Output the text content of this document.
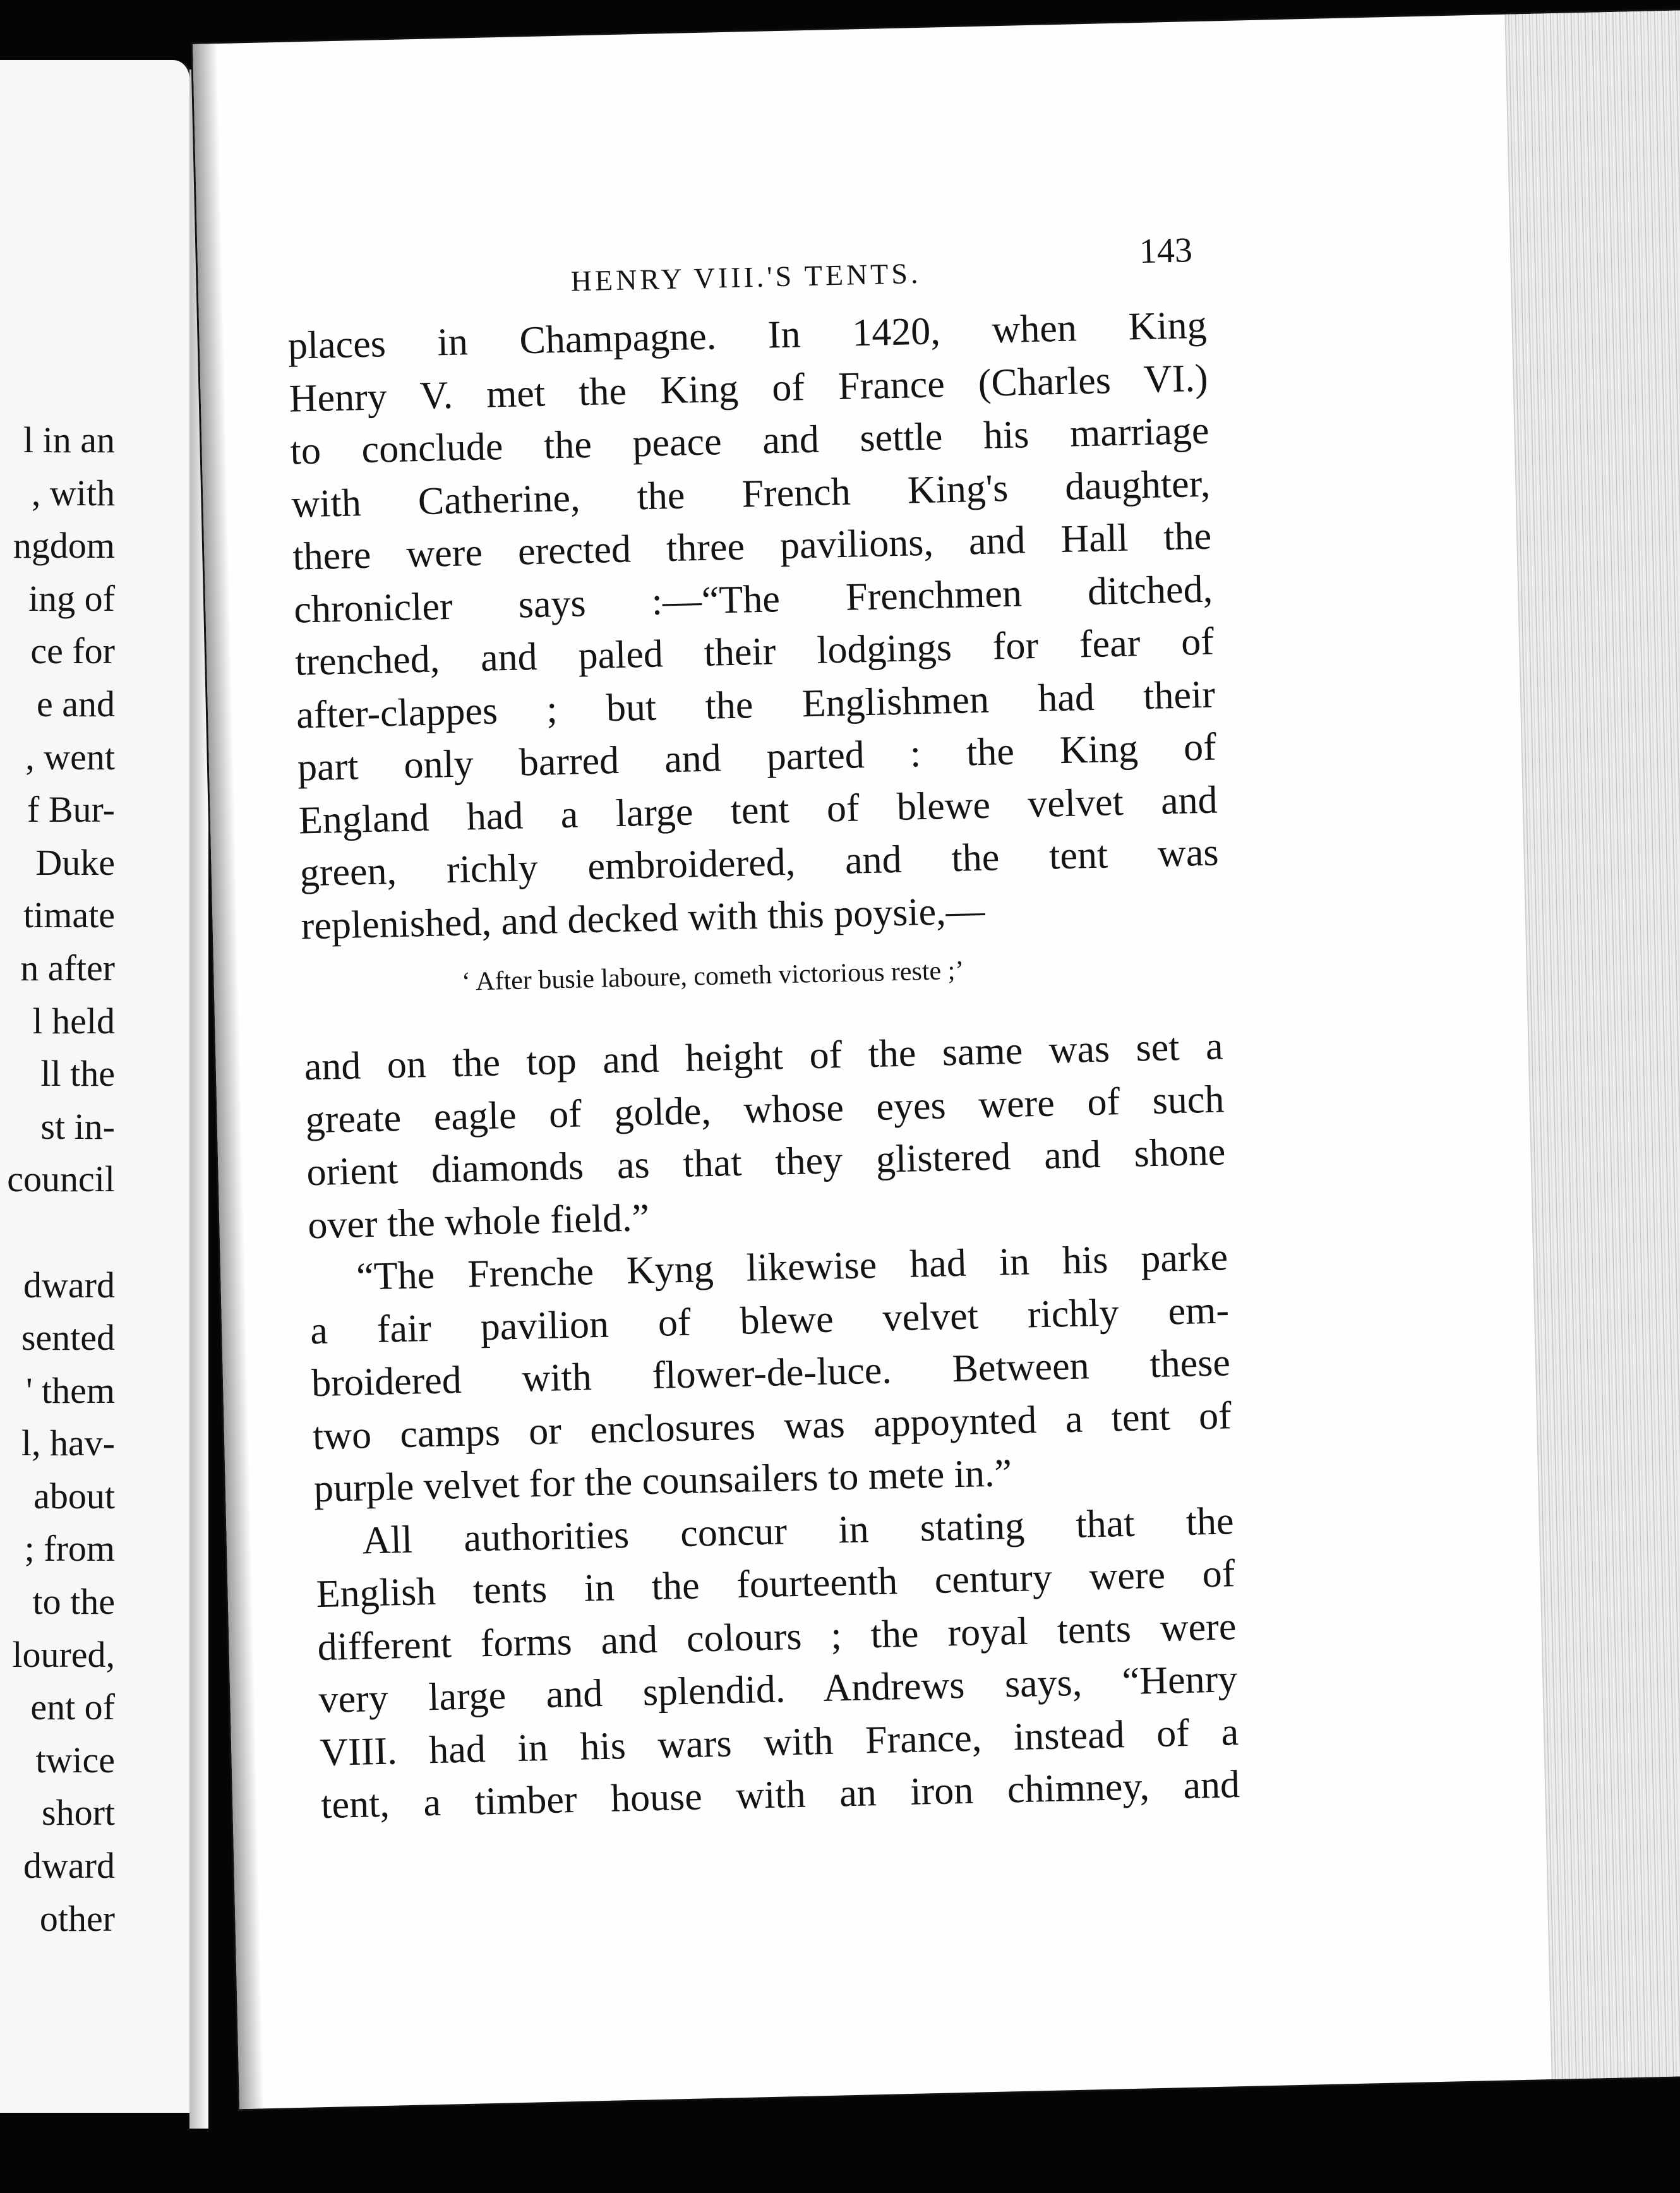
l in an
, with
ngdom
ing of
ce for
e and
, went
f Bur-
Duke
timate
n after
l held
ll the
st in-
council

dward
sented
' them
l, hav-
about
; from
to the
loured,
ent of
twice
short
dward
other
HENRY VIII.'S TENTS.
143
places in Champagne. In 1420, when King
Henry V. met the King of France (Charles VI.)
to conclude the peace and settle his marriage
with Catherine, the French King's daughter,
there were erected three pavilions, and Hall the
chronicler says :—“The Frenchmen ditched,
trenched, and paled their lodgings for fear of
after-clappes ; but the Englishmen had their
part only barred and parted : the King of
England had a large tent of blewe velvet and
green, richly embroidered, and the tent was
replenished, and decked with this poysie,—
‘ After busie laboure, cometh victorious reste ;’
and on the top and height of the same was set a
greate eagle of golde, whose eyes were of such
orient diamonds as that they glistered and shone
over the whole field.”
“The Frenche Kyng likewise had in his parke
a fair pavilion of blewe velvet richly em-
broidered with flower-de-luce. Between these
two camps or enclosures was appoynted a tent of
purple velvet for the counsailers to mete in.”
All authorities concur in stating that the
English tents in the fourteenth century were of
different forms and colours ; the royal tents were
very large and splendid. Andrews says, “Henry
VIII. had in his wars with France, instead of a
tent, a timber house with an iron chimney, and
